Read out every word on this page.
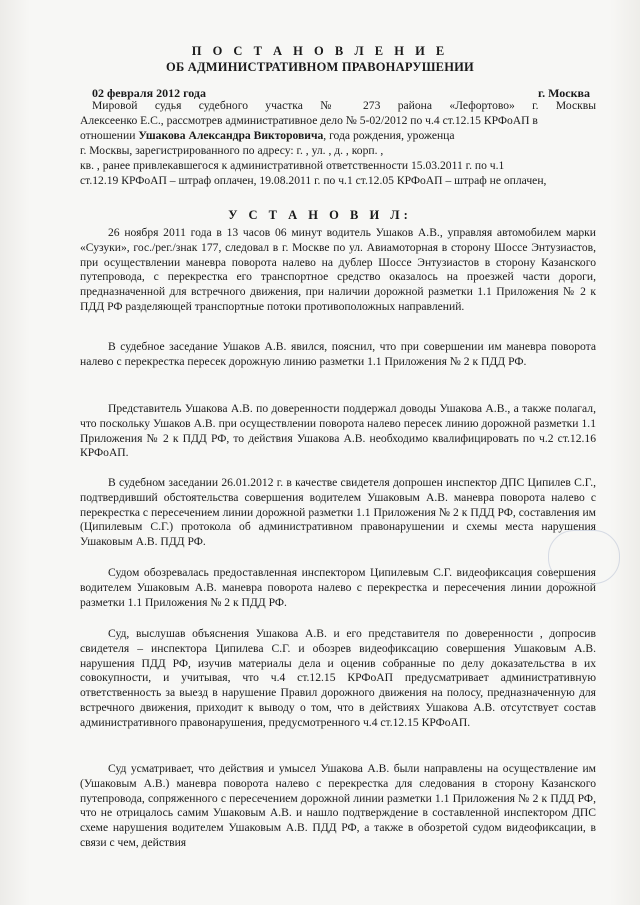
П О С Т А Н О В Л Е Н И Е
ОБ АДМИНИСТРАТИВНОМ ПРАВОНАРУШЕНИИ
02 февраля 2012 года	г. Москва
Мировой судья судебного участка № 273 района «Лефортово» г. Москвы
Алексеенко Е.С., рассмотрев административное дело № 5-02/2012 по ч.4 ст.12.15 КРФоАП в
отношении Ушакова Александра Викторовича, года рождения, уроженца
г. Москвы, зарегистрированного по адресу: г. , ул. , д. , корп. ,
кв. , ранее привлекавшегося к административной ответственности 15.03.2011 г. по ч.1
ст.12.19 КРФоАП – штраф оплачен, 19.08.2011 г. по ч.1 ст.12.05 КРФоАП – штраф не оплачен,
У С Т А Н О В И Л:

26 ноября 2011 года в 13 часов 06 минут водитель Ушаков А.В., управляя автомобилем марки «Сузуки», гос./рег./знак 177, следовал в г. Москве по ул. Авиамоторная в сторону Шоссе Энтузиастов, при осуществлении маневра поворота налево на дублер Шоссе Энтузиастов в сторону Казанского путепровода, с перекрестка его транспортное средство оказалось на проезжей части дороги, предназначенной для встречного движения, при наличии дорожной разметки 1.1 Приложения № 2 к ПДД РФ разделяющей транспортные потоки противоположных направлений.

В судебное заседание Ушаков А.В. явился, пояснил, что при совершении им маневра поворота налево с перекрестка пересек дорожную линию разметки 1.1 Приложения № 2 к ПДД РФ.

Представитель Ушакова А.В. по доверенности поддержал доводы Ушакова А.В., а также полагал, что поскольку Ушаков А.В. при осуществлении поворота налево пересек линию дорожной разметки 1.1 Приложения № 2 к ПДД РФ, то действия Ушакова А.В. необходимо квалифицировать по ч.2 ст.12.16 КРФоАП.

В судебном заседании 26.01.2012 г. в качестве свидетеля допрошен инспектор ДПС Ципилев С.Г., подтвердивший обстоятельства совершения водителем Ушаковым А.В. маневра поворота налево с перекрестка с пересечением линии дорожной разметки 1.1 Приложения № 2 к ПДД РФ, составления им (Ципилевым С.Г.) протокола об административном правонарушении и схемы места нарушения Ушаковым А.В. ПДД РФ.

Судом обозревалась предоставленная инспектором Ципилевым С.Г. видеофиксация совершения водителем Ушаковым А.В. маневра поворота налево с перекрестка и пересечения линии дорожной разметки 1.1 Приложения № 2 к ПДД РФ.

Суд, выслушав объяснения Ушакова А.В. и его представителя по доверенности , допросив свидетеля – инспектора Ципилева С.Г. и обозрев видеофиксацию совершения Ушаковым А.В. нарушения ПДД РФ, изучив материалы дела и оценив собранные по делу доказательства в их совокупности, и учитывая, что ч.4 ст.12.15 КРФоАП предусматривает административную ответственность за выезд в нарушение Правил дорожного движения на полосу, предназначенную для встречного движения, приходит к выводу о том, что в действиях Ушакова А.В. отсутствует состав административного правонарушения, предусмотренного ч.4 ст.12.15 КРФоАП.

Суд усматривает, что действия и умысел Ушакова А.В. были направлены на осуществление им (Ушаковым А.В.) маневра поворота налево с перекрестка для следования в сторону Казанского путепровода, сопряженного с пересечением дорожной линии разметки 1.1 Приложения № 2 к ПДД РФ, что не отрицалось самим Ушаковым А.В. и нашло подтверждение в составленной инспектором ДПС схеме нарушения водителем Ушаковым А.В. ПДД РФ, а также в обозретой судом видеофиксации, в связи с чем, действия
